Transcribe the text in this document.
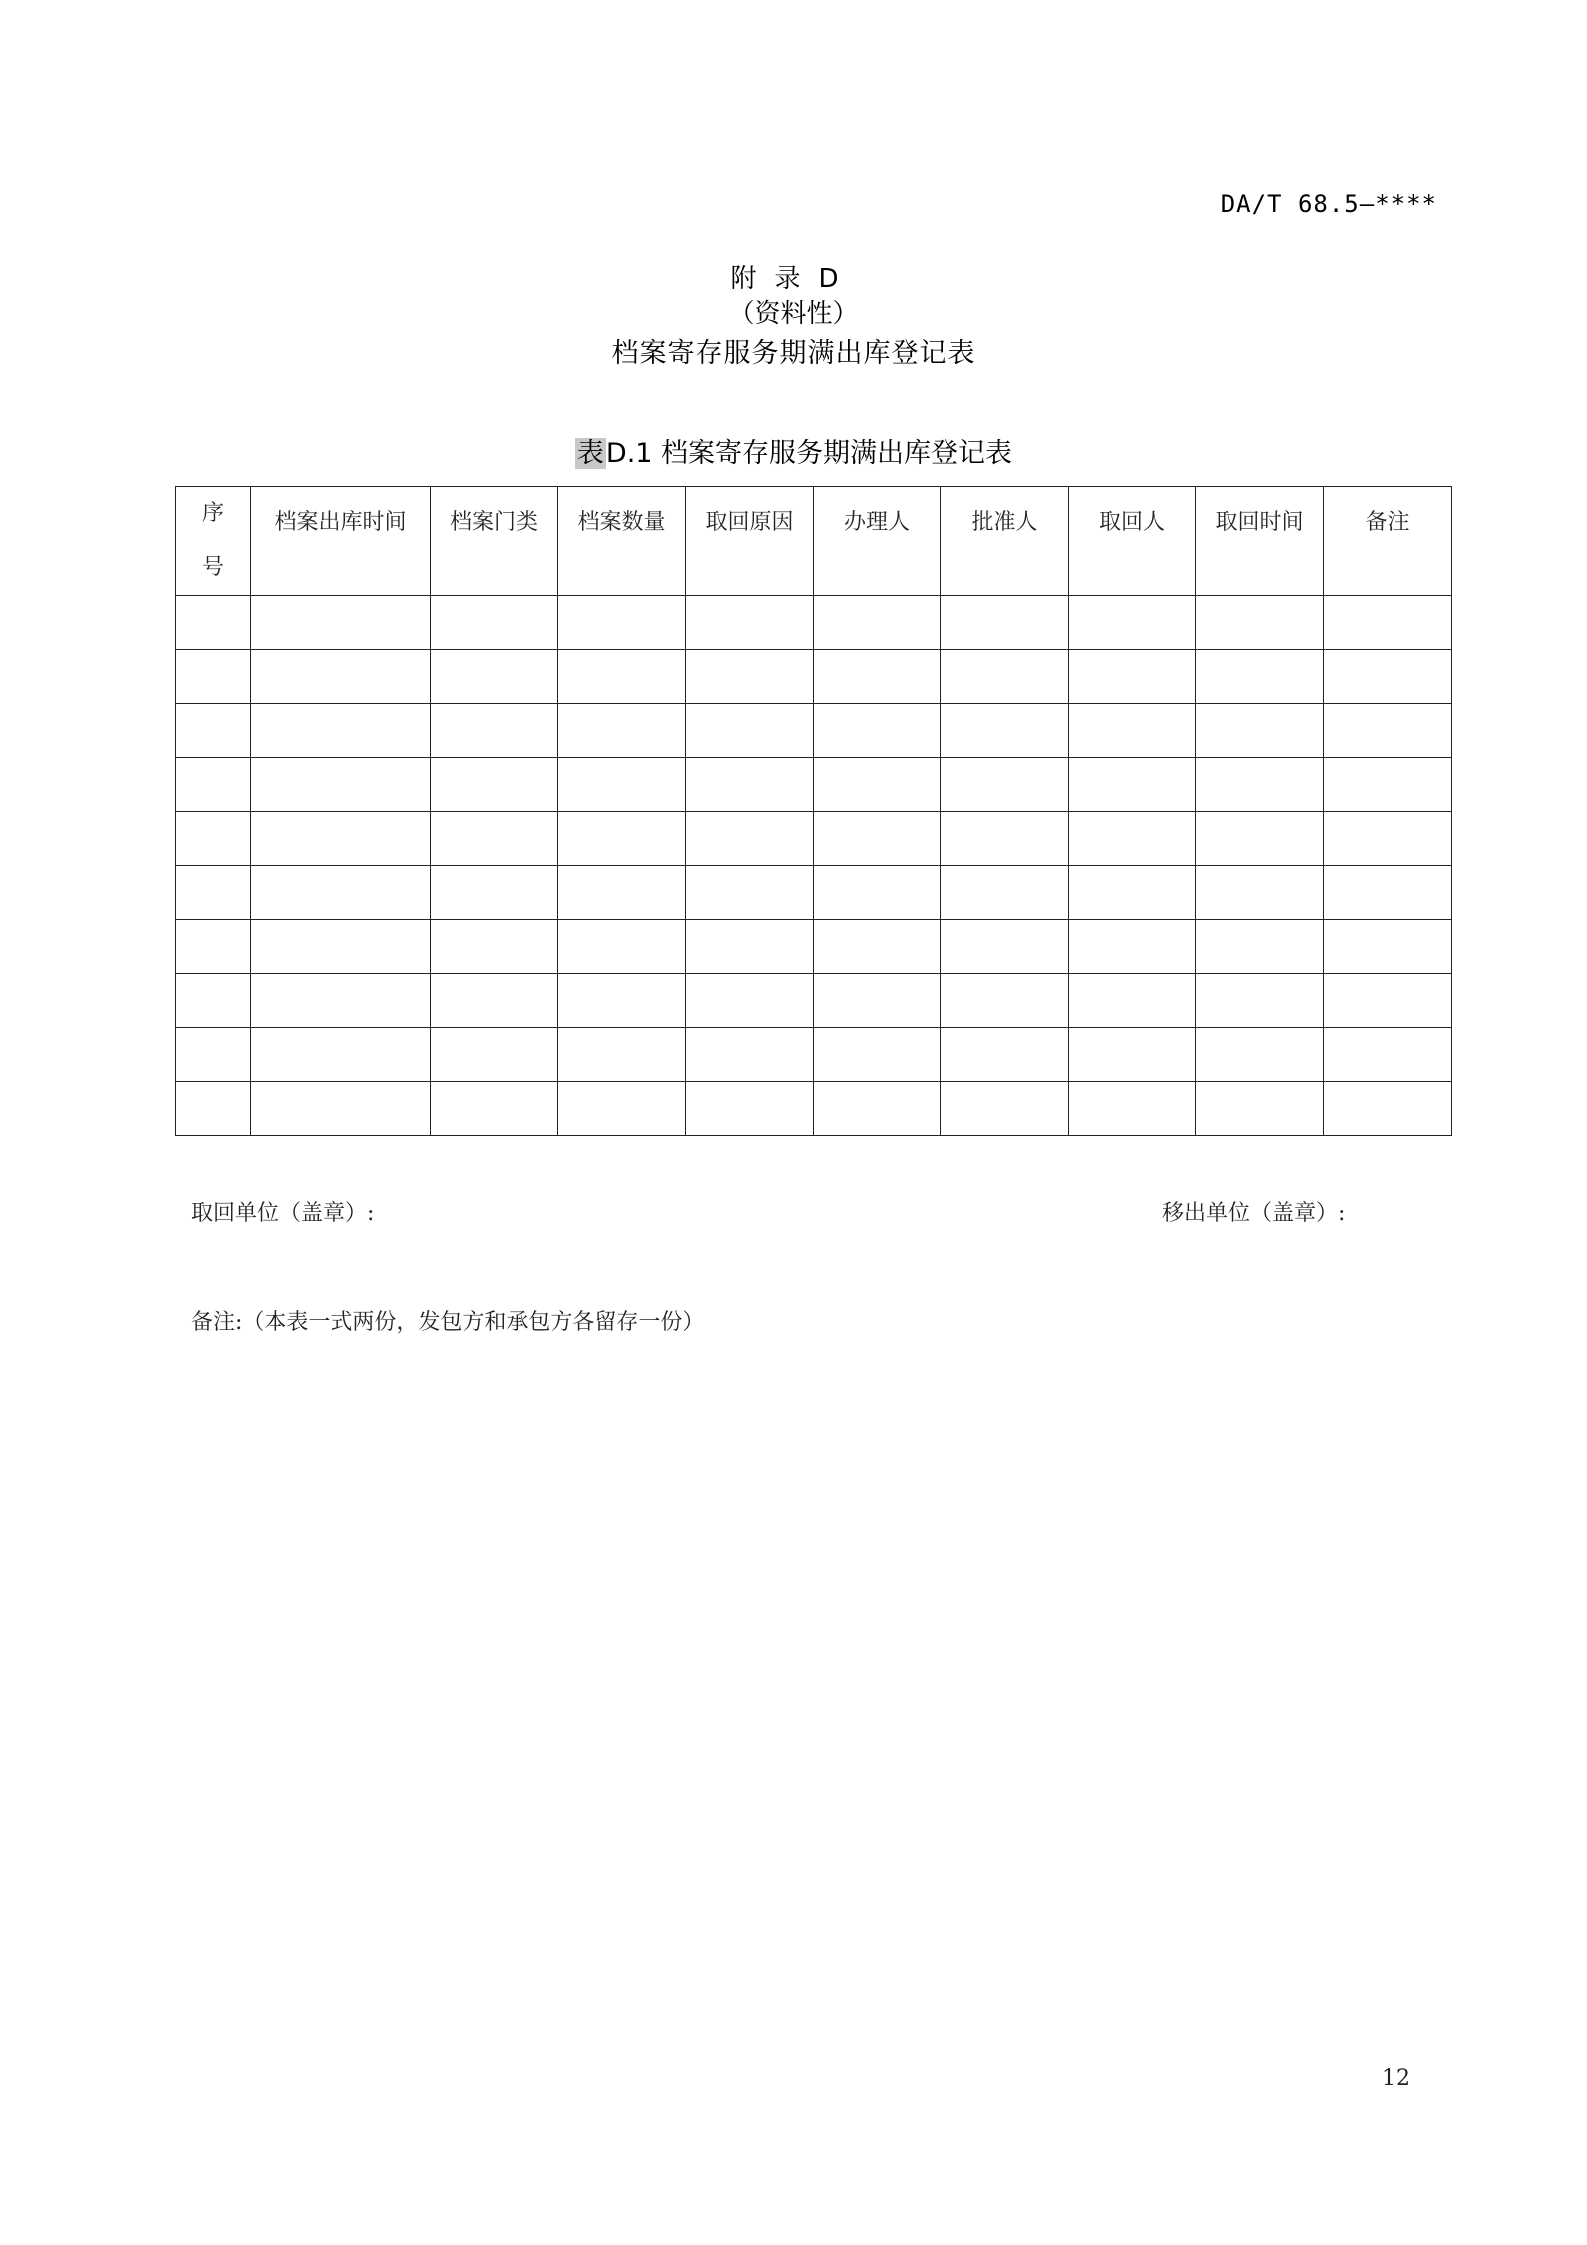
DA/T 68.5—****
附录D
（资料性）
档案寄存服务期满出库登记表
表D.1 档案寄存服务期满出库登记表
序号	档案出库时间	档案门类	档案数量	取回原因	办理人	批准人	取回人	取回时间	备注

取回单位（盖章）:	移出单位（盖章）:
备注:（本表一式两份，发包方和承包方各留存一份）
12
